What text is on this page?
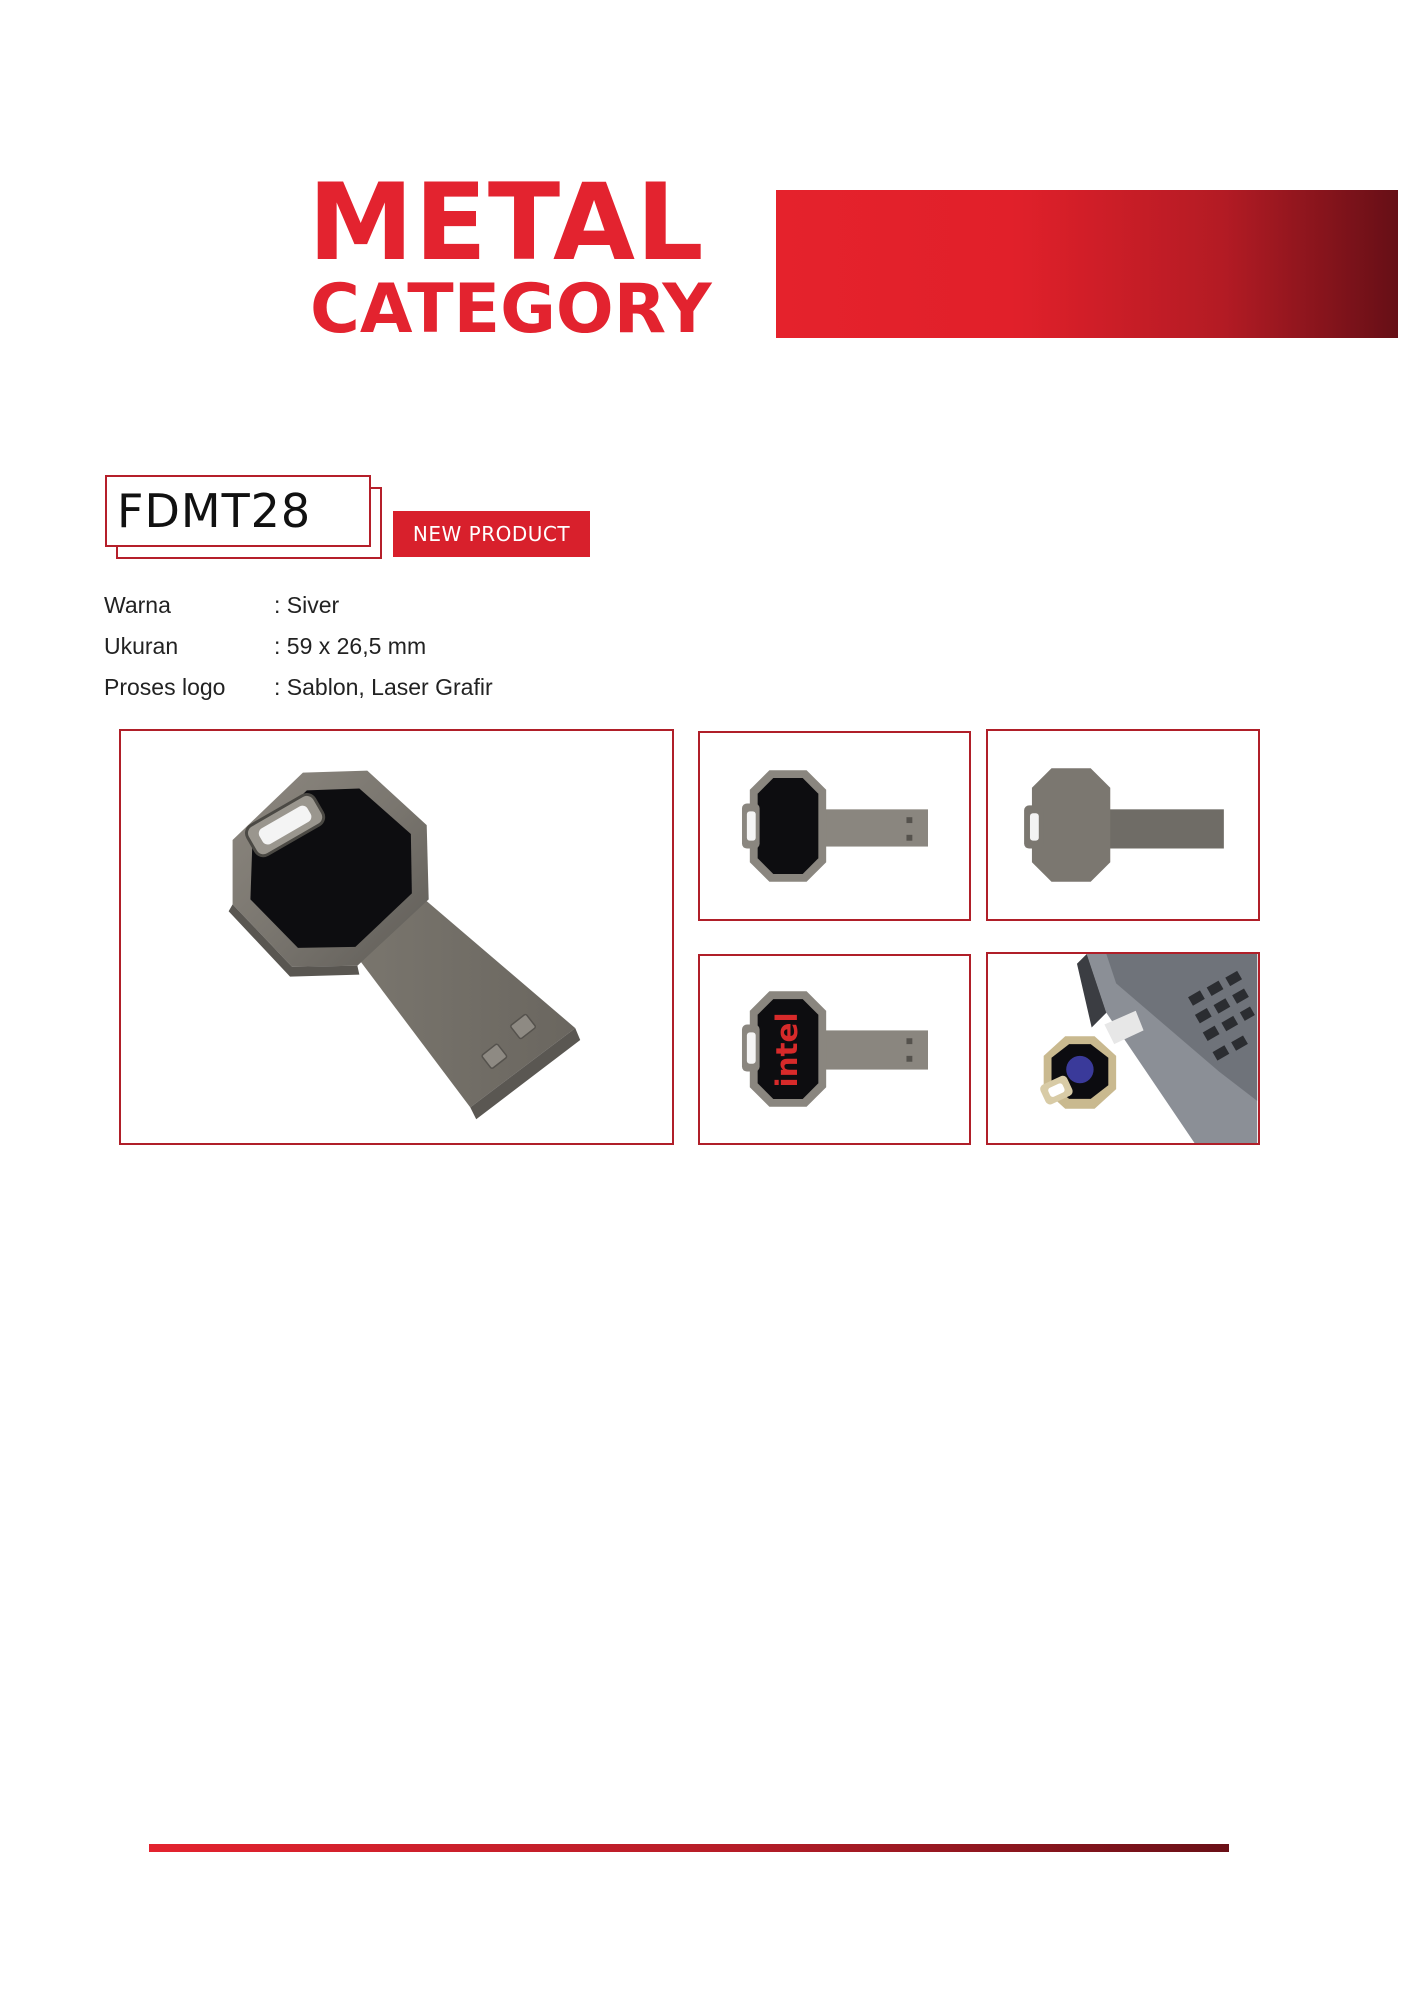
METAL
CATEGORY
FDMT28	NEW PRODUCT
Warna	: Siver
Ukuran	: 59 x 26,5 mm
Proses logo : Sablon, Laser Grafir
intel
